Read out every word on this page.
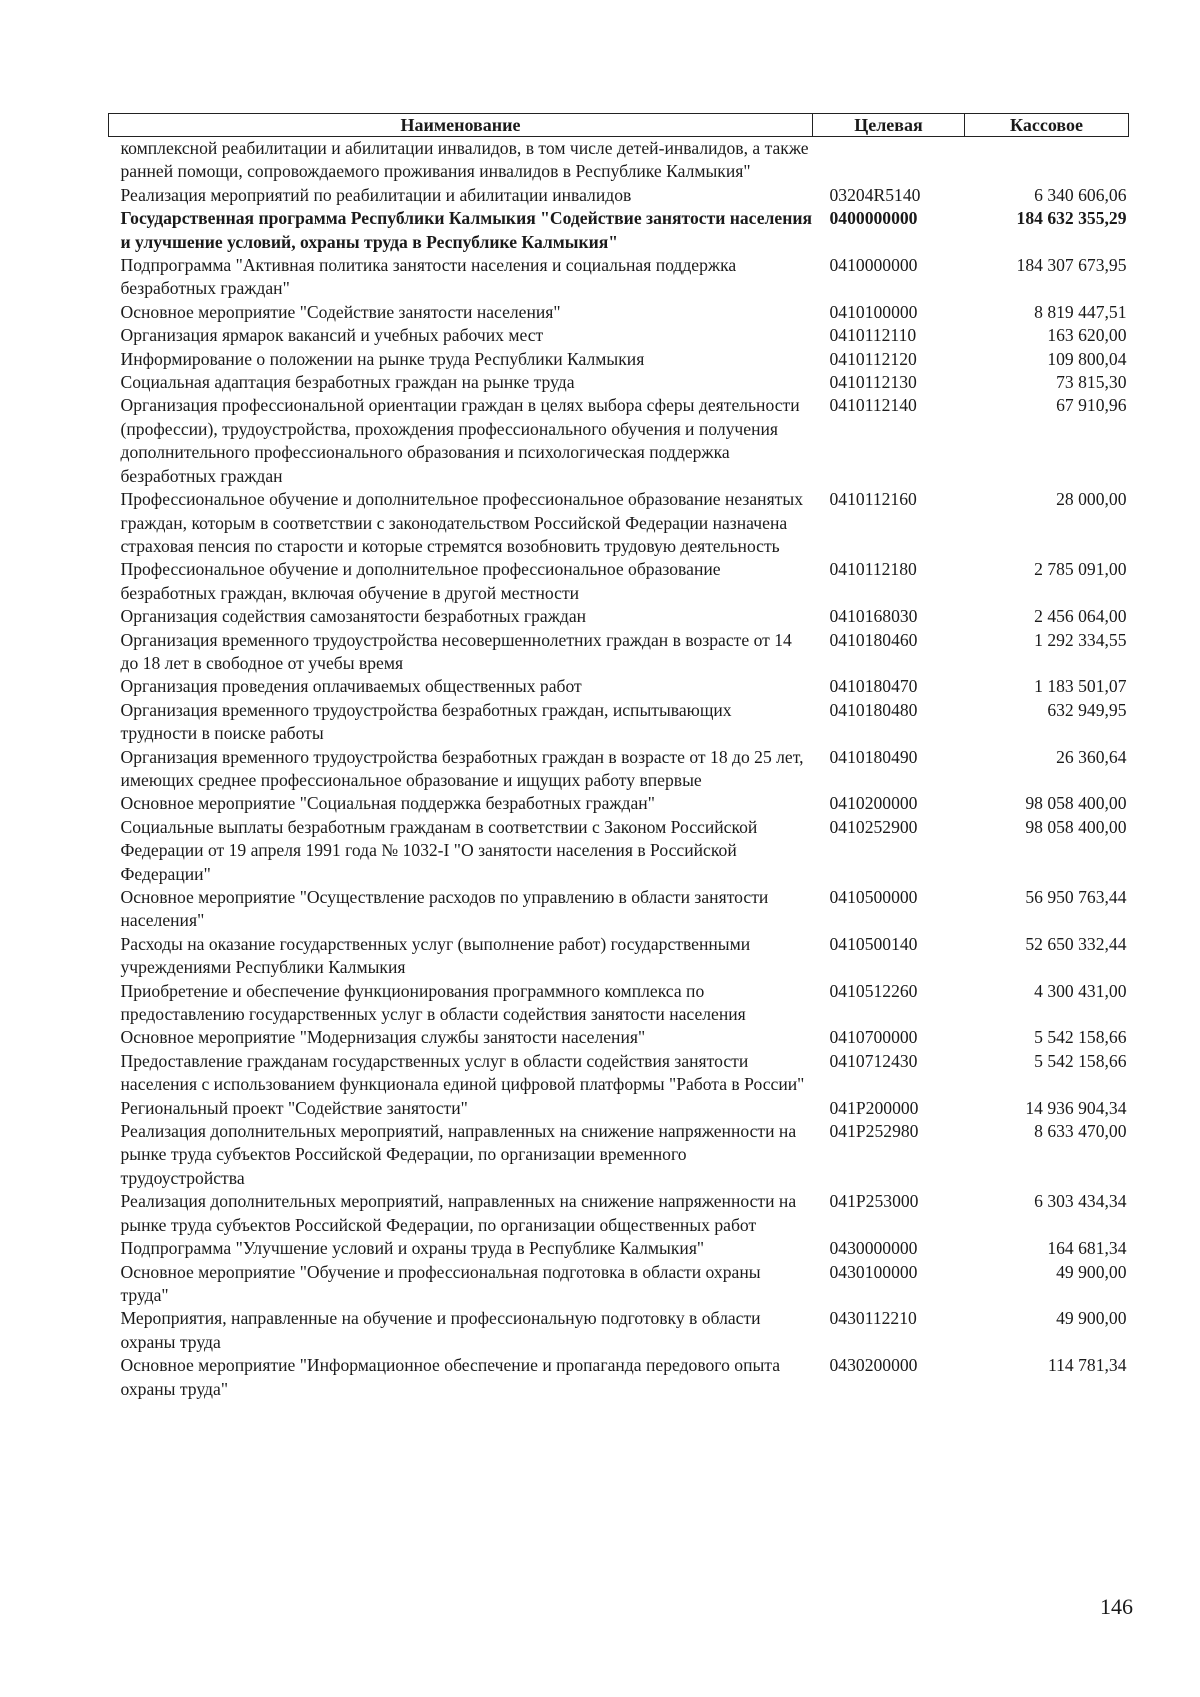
Наименование	Целевая	Кассовое
комплексной реабилитации и абилитации инвалидов, в том числе детей-инвалидов, а также ранней помощи, сопровождаемого проживания инвалидов в Республике Калмыкия"		
Реализация мероприятий по реабилитации и абилитации инвалидов	03204R5140	6 340 606,06
Государственная программа Республики Калмыкия "Содействие занятости населения и улучшение условий, охраны труда в Республике Калмыкия"	0400000000	184 632 355,29
Подпрограмма "Активная политика занятости населения и социальная поддержка безработных граждан"	0410000000	184 307 673,95
Основное мероприятие "Содействие занятости населения"	0410100000	8 819 447,51
Организация ярмарок вакансий и учебных рабочих мест	0410112110	163 620,00
Информирование о положении на рынке труда Республики Калмыкия	0410112120	109 800,04
Социальная адаптация безработных граждан на рынке труда	0410112130	73 815,30
Организация профессиональной ориентации граждан в целях выбора сферы деятельности (профессии), трудоустройства, прохождения профессионального обучения и получения дополнительного профессионального образования и психологическая поддержка безработных граждан	0410112140	67 910,96
Профессиональное обучение и дополнительное профессиональное образование незанятых граждан, которым в соответствии с законодательством Российской Федерации назначена страховая пенсия по старости и которые стремятся возобновить трудовую деятельность	0410112160	28 000,00
Профессиональное обучение и дополнительное профессиональное образование безработных граждан, включая обучение в другой местности	0410112180	2 785 091,00
Организация содействия самозанятости безработных граждан	0410168030	2 456 064,00
Организация временного трудоустройства несовершеннолетних граждан в возрасте от 14 до 18 лет в свободное от учебы время	0410180460	1 292 334,55
Организация проведения оплачиваемых общественных работ	0410180470	1 183 501,07
Организация временного трудоустройства безработных граждан, испытывающих трудности в поиске работы	0410180480	632 949,95
Организация временного трудоустройства безработных граждан в возрасте от 18 до 25 лет, имеющих среднее профессиональное образование и ищущих работу впервые	0410180490	26 360,64
Основное мероприятие "Социальная поддержка безработных граждан"	0410200000	98 058 400,00
Социальные выплаты безработным гражданам в соответствии с Законом Российской Федерации от 19 апреля 1991 года № 1032-I "О занятости населения в Российской Федерации"	0410252900	98 058 400,00
Основное мероприятие "Осуществление расходов по управлению в области занятости населения"	0410500000	56 950 763,44
Расходы на оказание государственных услуг (выполнение работ) государственными учреждениями Республики Калмыкия	0410500140	52 650 332,44
Приобретение и обеспечение функционирования программного комплекса по предоставлению государственных услуг в области содействия занятости населения	0410512260	4 300 431,00
Основное мероприятие "Модернизация службы занятости населения"	0410700000	5 542 158,66
Предоставление гражданам государственных услуг в области содействия занятости населения с использованием функционала единой цифровой платформы "Работа в России"	0410712430	5 542 158,66
Региональный проект "Содействие занятости"	041P200000	14 936 904,34
Реализация дополнительных мероприятий, направленных на снижение напряженности на рынке труда субъектов Российской Федерации, по организации временного трудоустройства	041P252980	8 633 470,00
Реализация дополнительных мероприятий, направленных на снижение напряженности на рынке труда субъектов Российской Федерации, по организации общественных работ	041P253000	6 303 434,34
Подпрограмма "Улучшение условий и охраны труда в Республике Калмыкия"	0430000000	164 681,34
Основное мероприятие "Обучение и профессиональная подготовка в области охраны труда"	0430100000	49 900,00
Мероприятия, направленные на обучение и профессиональную подготовку в области охраны труда	0430112210	49 900,00
Основное мероприятие "Информационное обеспечение и пропаганда передового опыта охраны труда"	0430200000	114 781,34
146
